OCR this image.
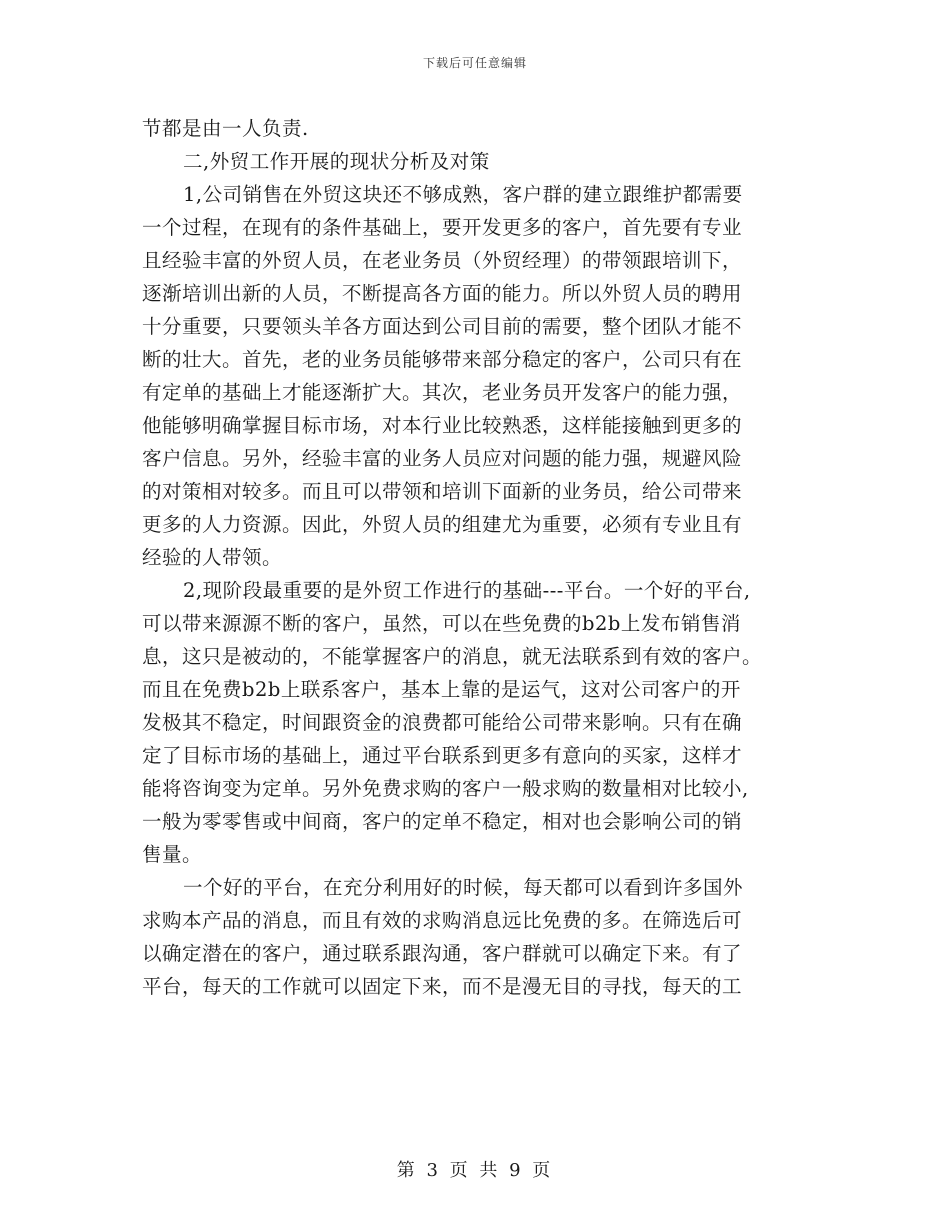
下载后可任意编辑
节都是由一人负责.
二,外贸工作开展的现状分析及对策
1,公司销售在外贸这块还不够成熟，客户群的建立跟维护都需要
一个过程，在现有的条件基础上，要开发更多的客户，首先要有专业
且经验丰富的外贸人员，在老业务员（外贸经理）的带领跟培训下，
逐渐培训出新的人员，不断提高各方面的能力。所以外贸人员的聘用
十分重要，只要领头羊各方面达到公司目前的需要，整个团队才能不
断的壮大。首先，老的业务员能够带来部分稳定的客户，公司只有在
有定单的基础上才能逐渐扩大。其次，老业务员开发客户的能力强，
他能够明确掌握目标市场，对本行业比较熟悉，这样能接触到更多的
客户信息。另外，经验丰富的业务人员应对问题的能力强，规避风险
的对策相对较多。而且可以带领和培训下面新的业务员，给公司带来
更多的人力资源。因此，外贸人员的组建尤为重要，必须有专业且有
经验的人带领。
2,现阶段最重要的是外贸工作进行的基础---平台。一个好的平台,
可以带来源源不断的客户，虽然，可以在些免费的b2b上发布销售消
息，这只是被动的，不能掌握客户的消息，就无法联系到有效的客户。
而且在免费b2b上联系客户，基本上靠的是运气，这对公司客户的开
发极其不稳定，时间跟资金的浪费都可能给公司带来影响。只有在确
定了目标市场的基础上，通过平台联系到更多有意向的买家，这样才
能将咨询变为定单。另外免费求购的客户一般求购的数量相对比较小,
一般为零零售或中间商，客户的定单不稳定，相对也会影响公司的销
售量。
一个好的平台，在充分利用好的时候，每天都可以看到许多国外
求购本产品的消息，而且有效的求购消息远比免费的多。在筛选后可
以确定潜在的客户，通过联系跟沟通，客户群就可以确定下来。有了
平台，每天的工作就可以固定下来，而不是漫无目的寻找，每天的工
第 3 页 共 9 页
